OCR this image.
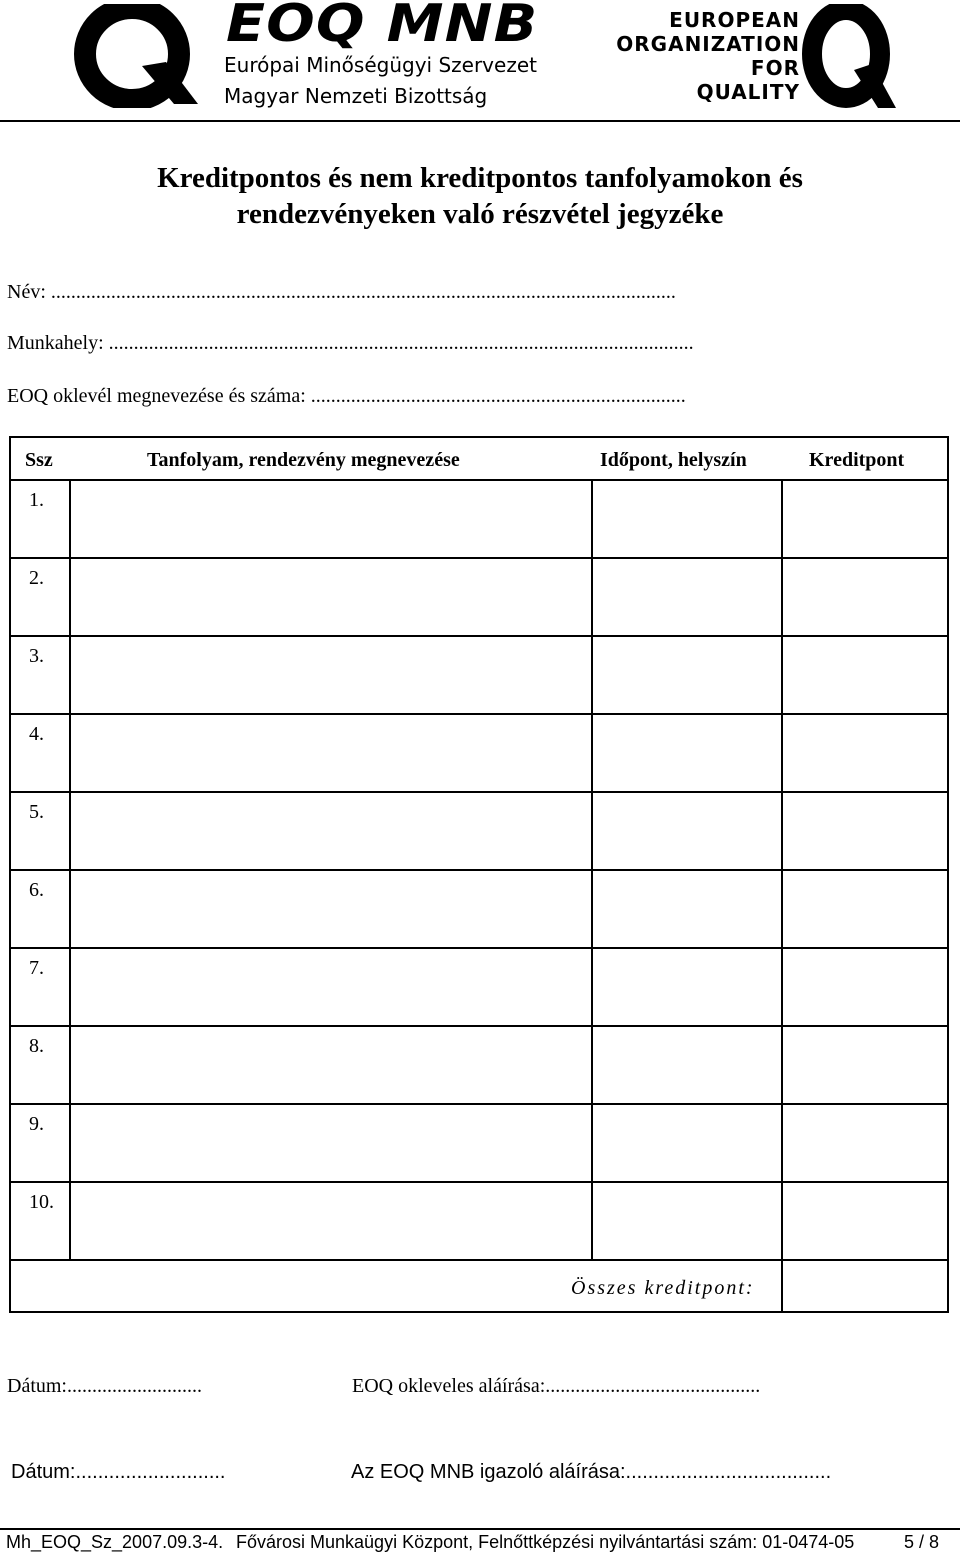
EOQ MNB
Európai Minőségügyi Szervezet
Magyar Nemzeti Bizottság
EUROPEAN
ORGANIZATION
FOR
QUALITY
Kreditpontos és nem kreditpontos tanfolyamokon és
rendezvényeken való részvétel jegyzéke
Név: .............................................................................................................................
Munkahely: .....................................................................................................................
EOQ oklevél megnevezése és száma: ...........................................................................
Ssz	Tanfolyam, rendezvény megnevezése	Időpont, helyszín	Kreditpont
1.
2.
3.
4.
5.
6.
7.
8.
9.
10.
Összes kreditpont:
Dátum:...........................	EOQ okleveles aláírása:...........................................
Dátum:...........................	Az EOQ MNB igazoló aláírása:.....................................
Mh_EOQ_Sz_2007.09.3-4. Fővárosi Munkaügyi Központ, Felnőttképzési nyilvántartási szám: 01-0474-05	5 / 8
